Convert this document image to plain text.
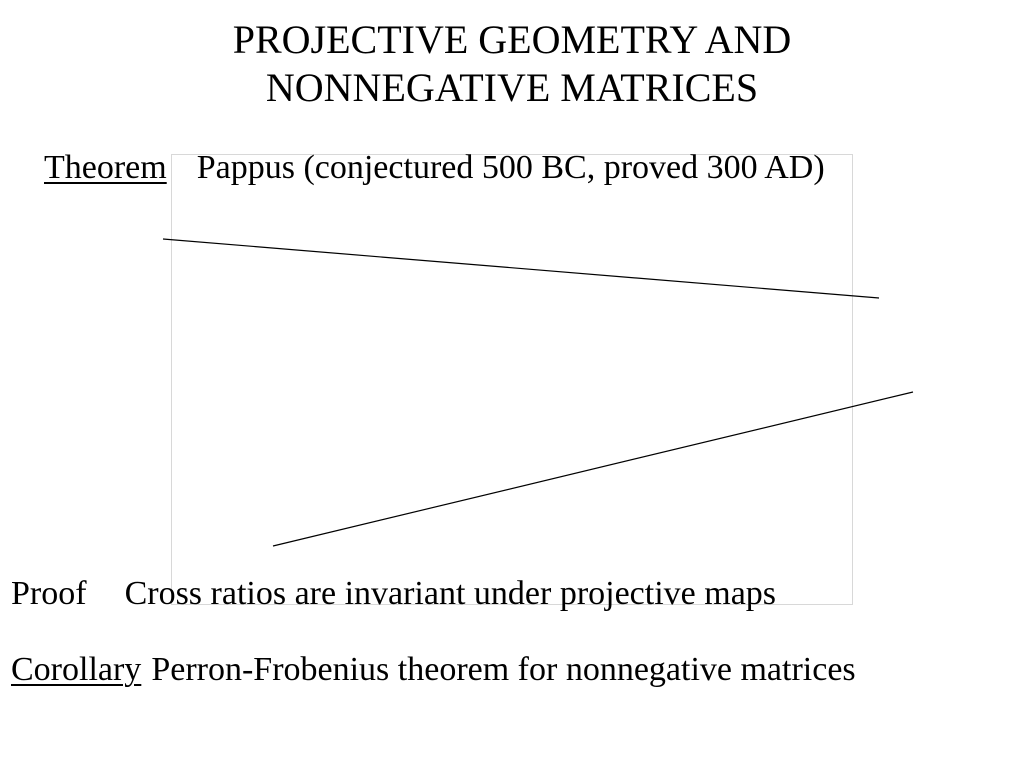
PROJECTIVE GEOMETRY AND
NONNEGATIVE MATRICES
Theorem Pappus (conjectured 500 BC, proved 300 AD)
Proof Cross ratios are invariant under projective maps
Corollary Perron-Frobenius theorem for nonnegative matrices
